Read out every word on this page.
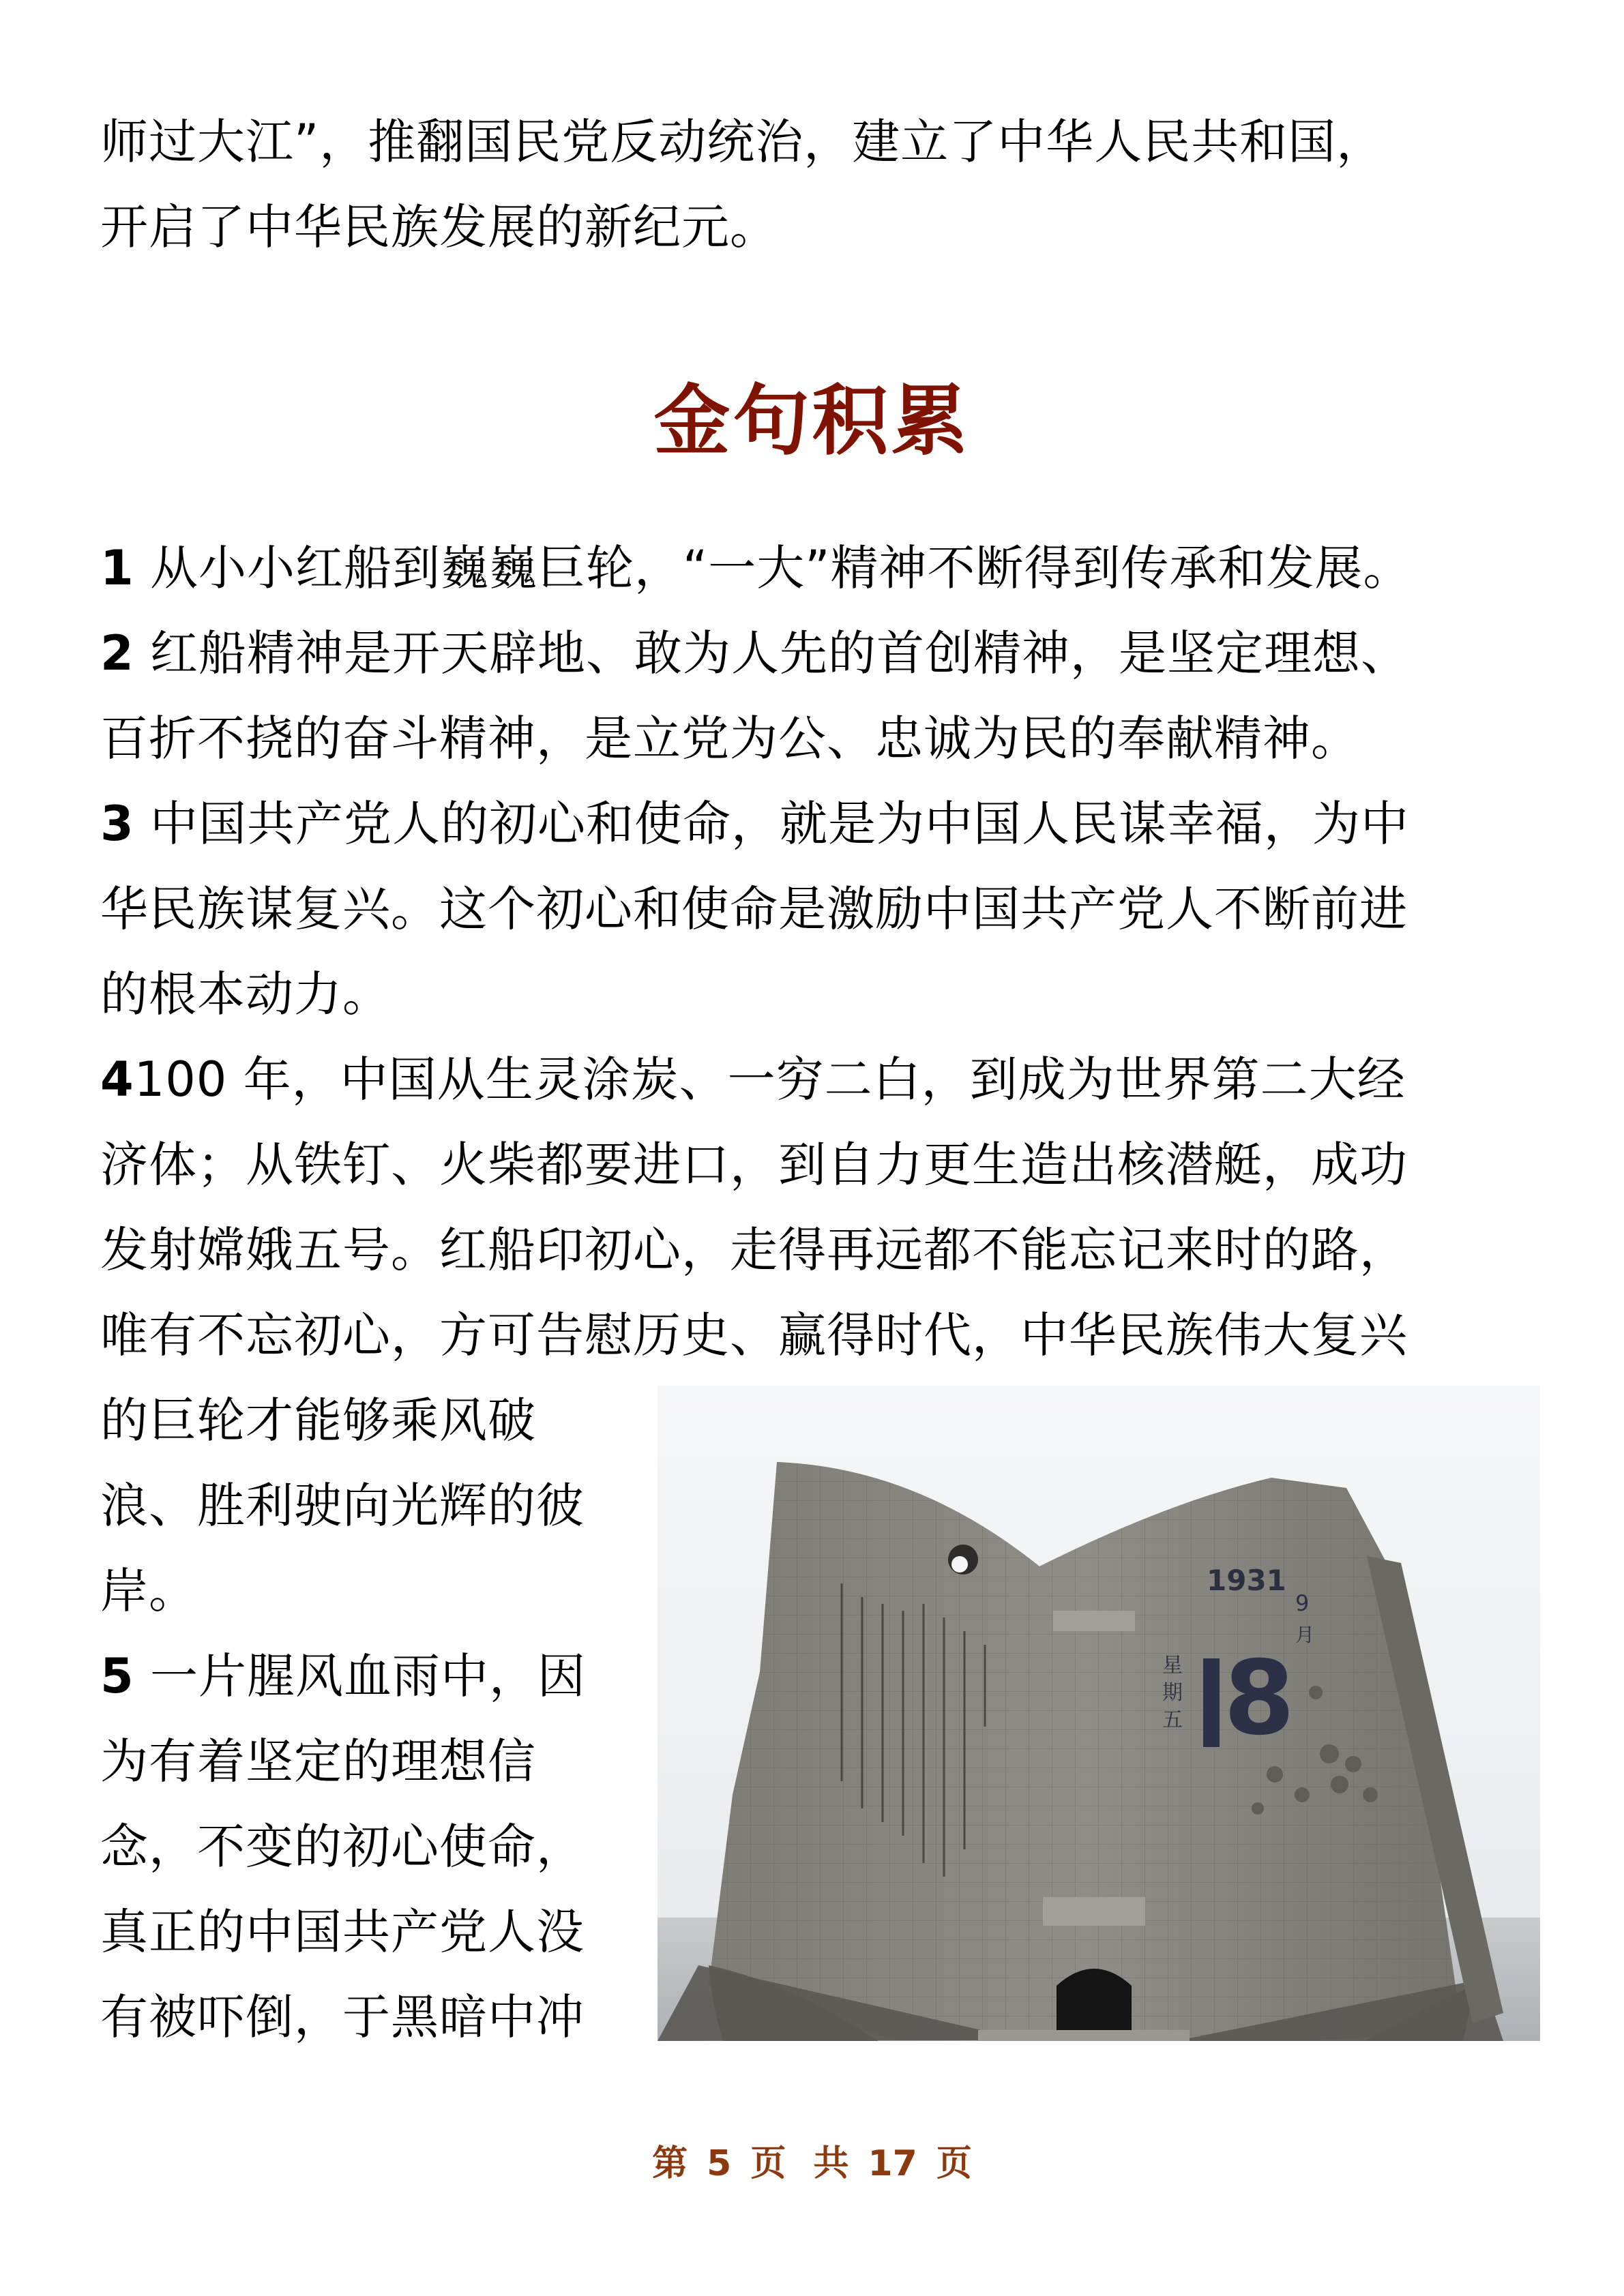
师过大江”，推翻国民党反动统治，建立了中华人民共和国，
开启了中华民族发展的新纪元。
金句积累
1 从小小红船到巍巍巨轮，“一大”精神不断得到传承和发展。
2 红船精神是开天辟地、敢为人先的首创精神，是坚定理想、
百折不挠的奋斗精神，是立党为公、忠诚为民的奉献精神。
3 中国共产党人的初心和使命，就是为中国人民谋幸福，为中
华民族谋复兴。这个初心和使命是激励中国共产党人不断前进
的根本动力。
4100 年，中国从生灵涂炭、一穷二白，到成为世界第二大经
济体；从铁钉、火柴都要进口，到自力更生造出核潜艇，成功
发射嫦娥五号。红船印初心，走得再远都不能忘记来时的路，
唯有不忘初心，方可告慰历史、赢得时代，中华民族伟大复兴
的巨轮才能够乘风破
浪、胜利驶向光辉的彼
岸。
5 一片腥风血雨中，因
为有着坚定的理想信
念，不变的初心使命，
真正的中国共产党人没
有被吓倒，于黑暗中冲
1931
8
9
月
星
期
五
第 5 页 共 17 页
